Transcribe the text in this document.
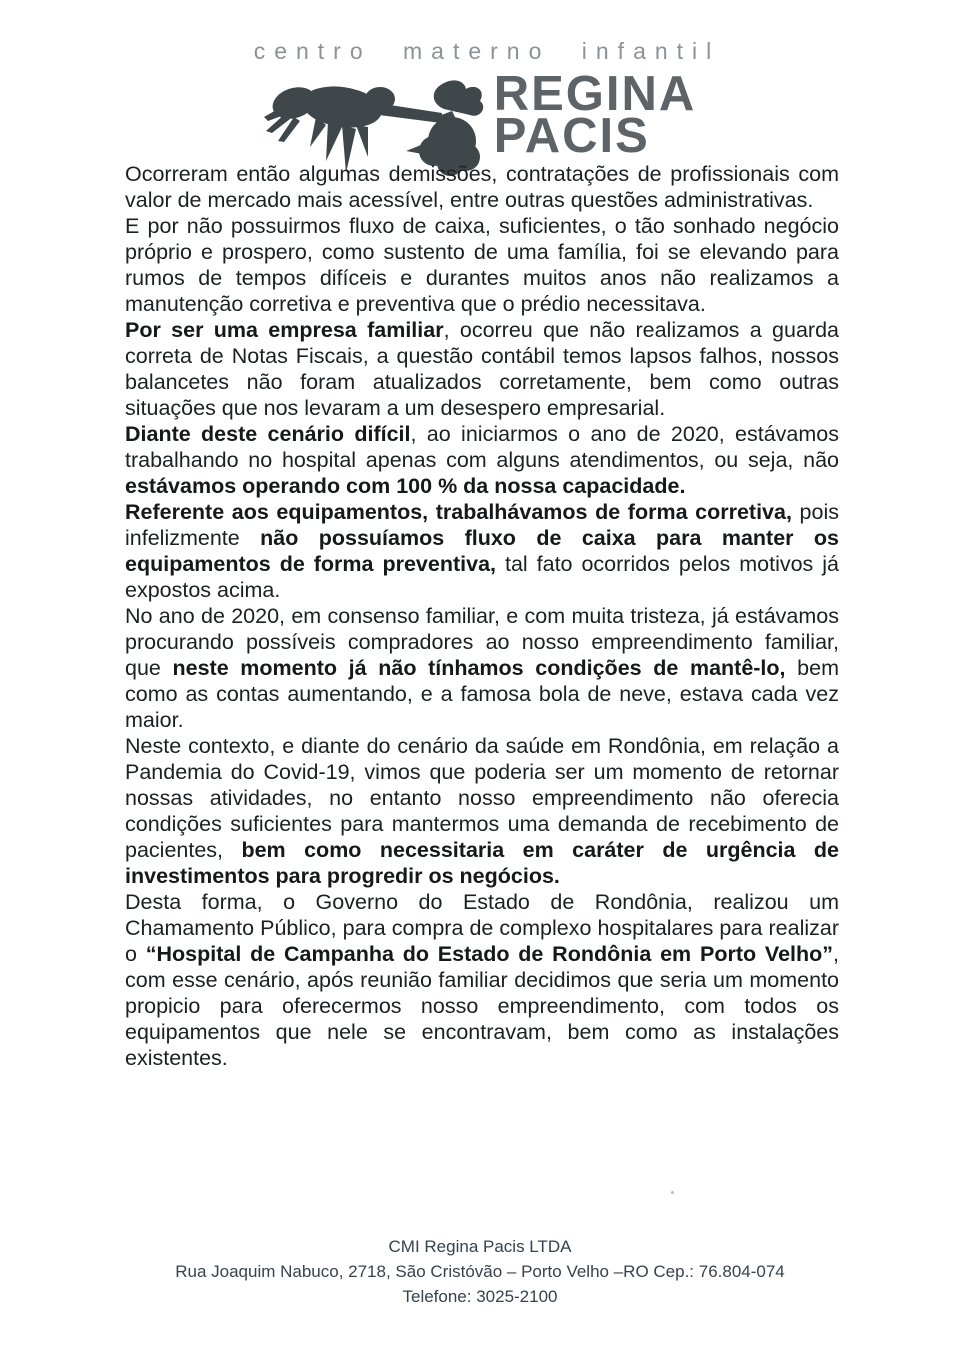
centro materno infantil
REGINA
PACIS

Ocorreram então algumas demissões, contratações de profissionais com valor de mercado mais acessível, entre outras questões administrativas.

E por não possuirmos fluxo de caixa, suficientes, o tão sonhado negócio próprio e prospero, como sustento de uma família, foi se elevando para rumos de tempos difíceis e durantes muitos anos não realizamos a manutenção corretiva e preventiva que o prédio necessitava.

Por ser uma empresa familiar, ocorreu que não realizamos a guarda correta de Notas Fiscais, a questão contábil temos lapsos falhos, nossos balancetes não foram atualizados corretamente, bem como outras situações que nos levaram a um desespero empresarial.

Diante deste cenário difícil, ao iniciarmos o ano de 2020, estávamos trabalhando no hospital apenas com alguns atendimentos, ou seja, não estávamos operando com 100 % da nossa capacidade.

Referente aos equipamentos, trabalhávamos de forma corretiva, pois infelizmente não possuíamos fluxo de caixa para manter os equipamentos de forma preventiva, tal fato ocorridos pelos motivos já expostos acima.

No ano de 2020, em consenso familiar, e com muita tristeza, já estávamos procurando possíveis compradores ao nosso empreendimento familiar, que neste momento já não tínhamos condições de mantê-lo, bem como as contas aumentando, e a famosa bola de neve, estava cada vez maior.

Neste contexto, e diante do cenário da saúde em Rondônia, em relação a Pandemia do Covid-19, vimos que poderia ser um momento de retornar nossas atividades, no entanto nosso empreendimento não oferecia condições suficientes para mantermos uma demanda de recebimento de pacientes, bem como necessitaria em caráter de urgência de investimentos para progredir os negócios.

Desta forma, o Governo do Estado de Rondônia, realizou um Chamamento Público, para compra de complexo hospitalares para realizar o “Hospital de Campanha do Estado de Rondônia em Porto Velho”, com esse cenário, após reunião familiar decidimos que seria um momento propicio para oferecermos nosso empreendimento, com todos os equipamentos que nele se encontravam, bem como as instalações existentes.

CMI Regina Pacis LTDA
Rua Joaquim Nabuco, 2718, São Cristóvão – Porto Velho –RO Cep.: 76.804-074
Telefone: 3025-2100
